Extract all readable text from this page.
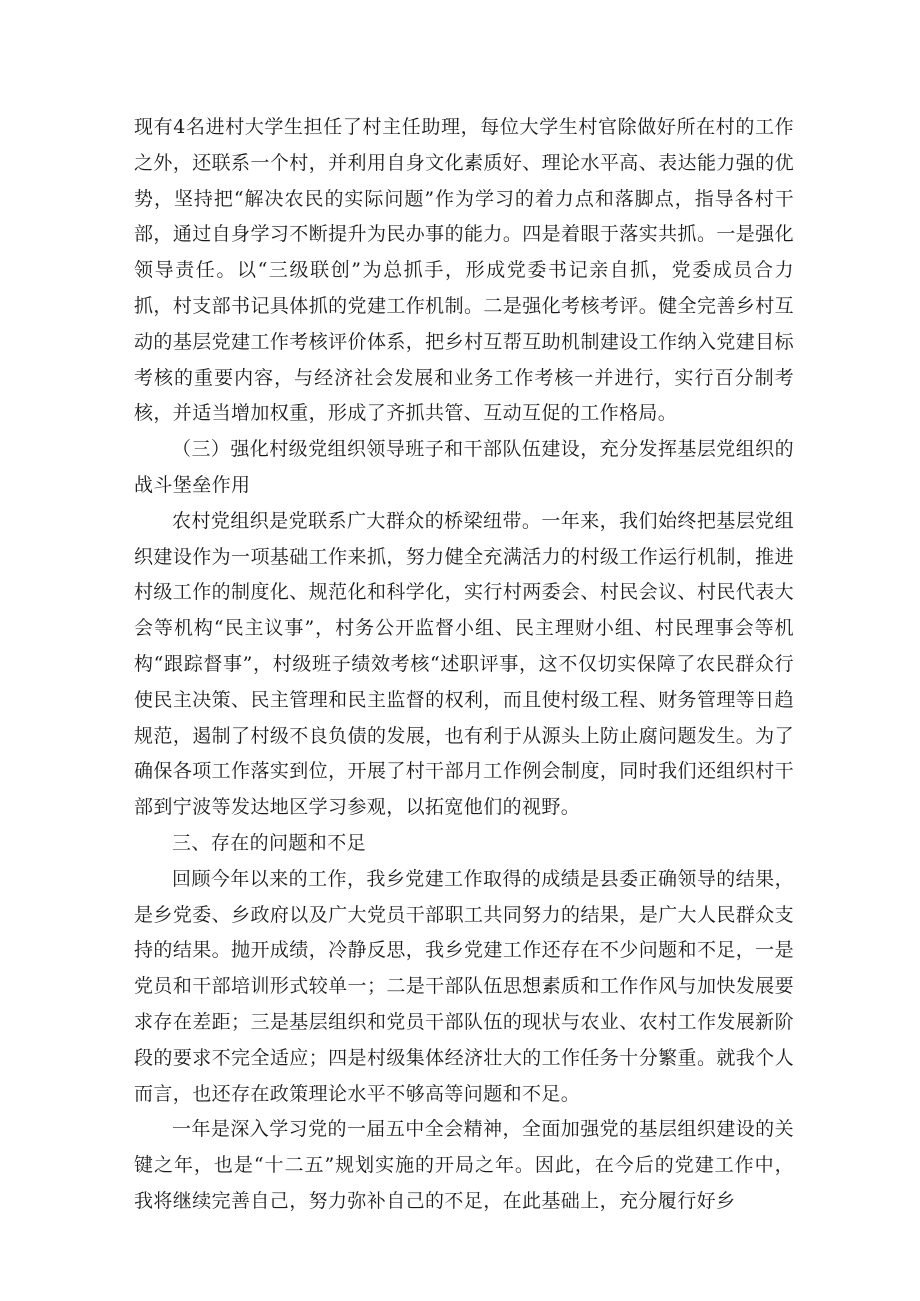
现有4名进村大学生担任了村主任助理，每位大学生村官除做好所在村的工作之外，还联系一个村，并利用自身文化素质好、理论水平高、表达能力强的优势，坚持把“解决农民的实际问题”作为学习的着力点和落脚点，指导各村干部，通过自身学习不断提升为民办事的能力。四是着眼于落实共抓。一是强化领导责任。以“三级联创”为总抓手，形成党委书记亲自抓，党委成员合力抓，村支部书记具体抓的党建工作机制。二是强化考核考评。健全完善乡村互动的基层党建工作考核评价体系，把乡村互帮互助机制建设工作纳入党建目标考核的重要内容，与经济社会发展和业务工作考核一并进行，实行百分制考核，并适当增加权重，形成了齐抓共管、互动互促的工作格局。

（三）强化村级党组织领导班子和干部队伍建设，充分发挥基层党组织的战斗堡垒作用

农村党组织是党联系广大群众的桥梁纽带。一年来，我们始终把基层党组织建设作为一项基础工作来抓，努力健全充满活力的村级工作运行机制，推进村级工作的制度化、规范化和科学化，实行村两委会、村民会议、村民代表大会等机构“民主议事”，村务公开监督小组、民主理财小组、村民理事会等机构“跟踪督事”，村级班子绩效考核“述职评事，这不仅切实保障了农民群众行使民主决策、民主管理和民主监督的权利，而且使村级工程、财务管理等日趋规范，遏制了村级不良负债的发展，也有利于从源头上防止腐问题发生。为了确保各项工作落实到位，开展了村干部月工作例会制度，同时我们还组织村干部到宁波等发达地区学习参观，以拓宽他们的视野。

三、存在的问题和不足

回顾今年以来的工作，我乡党建工作取得的成绩是县委正确领导的结果，是乡党委、乡政府以及广大党员干部职工共同努力的结果，是广大人民群众支持的结果。抛开成绩，冷静反思，我乡党建工作还存在不少问题和不足，一是党员和干部培训形式较单一；二是干部队伍思想素质和工作作风与加快发展要求存在差距；三是基层组织和党员干部队伍的现状与农业、农村工作发展新阶段的要求不完全适应；四是村级集体经济壮大的工作任务十分繁重。就我个人而言，也还存在政策理论水平不够高等问题和不足。

一年是深入学习党的一届五中全会精神，全面加强党的基层组织建设的关键之年，也是“十二五”规划实施的开局之年。因此，在今后的党建工作中，我将继续完善自己，努力弥补自己的不足，在此基础上，充分履行好乡
